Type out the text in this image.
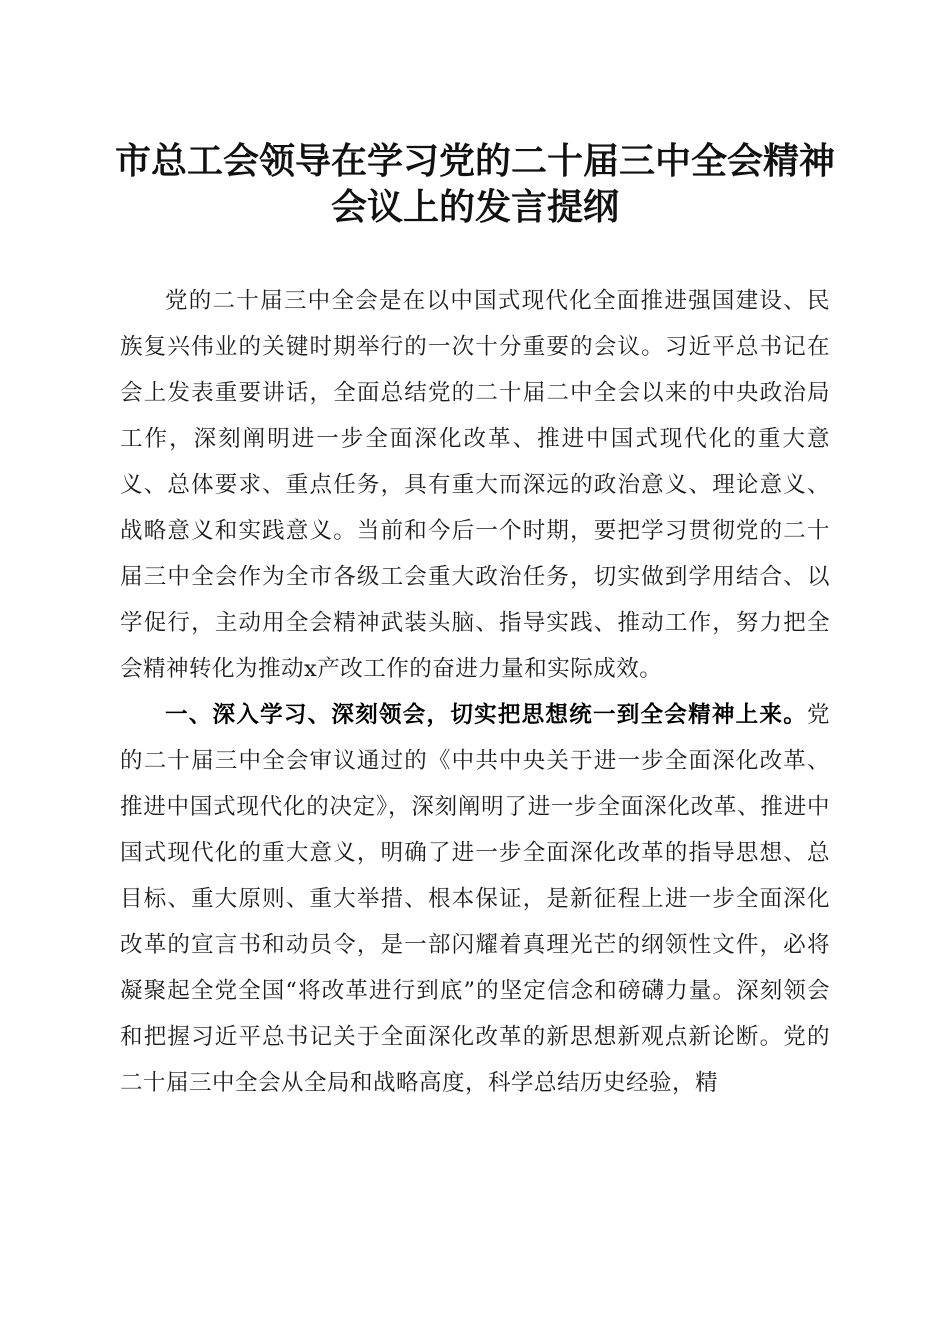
市总工会领导在学习党的二十届三中全会精神
会议上的发言提纲

党的二十届三中全会是在以中国式现代化全面推进强国建设、民族复兴伟业的关键时期举行的一次十分重要的会议。习近平总书记在会上发表重要讲话，全面总结党的二十届二中全会以来的中央政治局工作，深刻阐明进一步全面深化改革、推进中国式现代化的重大意义、总体要求、重点任务，具有重大而深远的政治意义、理论意义、战略意义和实践意义。当前和今后一个时期，要把学习贯彻党的二十届三中全会作为全市各级工会重大政治任务，切实做到学用结合、以学促行，主动用全会精神武装头脑、指导实践、推动工作，努力把全会精神转化为推动x产改工作的奋进力量和实际成效。

一、深入学习、深刻领会，切实把思想统一到全会精神上来。党的二十届三中全会审议通过的《中共中央关于进一步全面深化改革、推进中国式现代化的决定》，深刻阐明了进一步全面深化改革、推进中国式现代化的重大意义，明确了进一步全面深化改革的指导思想、总目标、重大原则、重大举措、根本保证，是新征程上进一步全面深化改革的宣言书和动员令，是一部闪耀着真理光芒的纲领性文件，必将凝聚起全党全国“将改革进行到底”的坚定信念和磅礴力量。深刻领会和把握习近平总书记关于全面深化改革的新思想新观点新论断。党的二十届三中全会从全局和战略高度，科学总结历史经验，精
